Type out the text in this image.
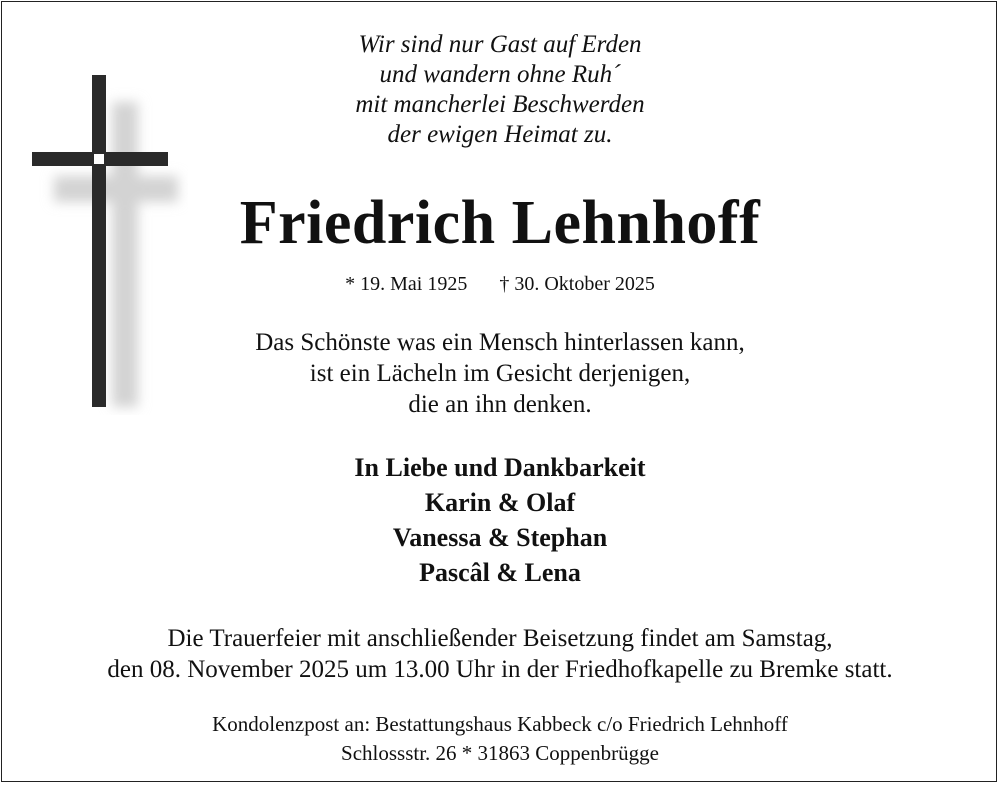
Wir sind nur Gast auf Erden
und wandern ohne Ruh´
mit mancherlei Beschwerden
der ewigen Heimat zu.
Friedrich Lehnhoff
* 19. Mai 1925 † 30. Oktober 2025
Das Schönste was ein Mensch hinterlassen kann,
ist ein Lächeln im Gesicht derjenigen,
die an ihn denken.
In Liebe und Dankbarkeit
Karin & Olaf
Vanessa & Stephan
Pascâl & Lena
Die Trauerfeier mit anschließender Beisetzung findet am Samstag,
den 08. November 2025 um 13.00 Uhr in der Friedhofkapelle zu Bremke statt.
Kondolenzpost an: Bestattungshaus Kabbeck c/o Friedrich Lehnhoff
Schlossstr. 26 * 31863 Coppenbrügge
